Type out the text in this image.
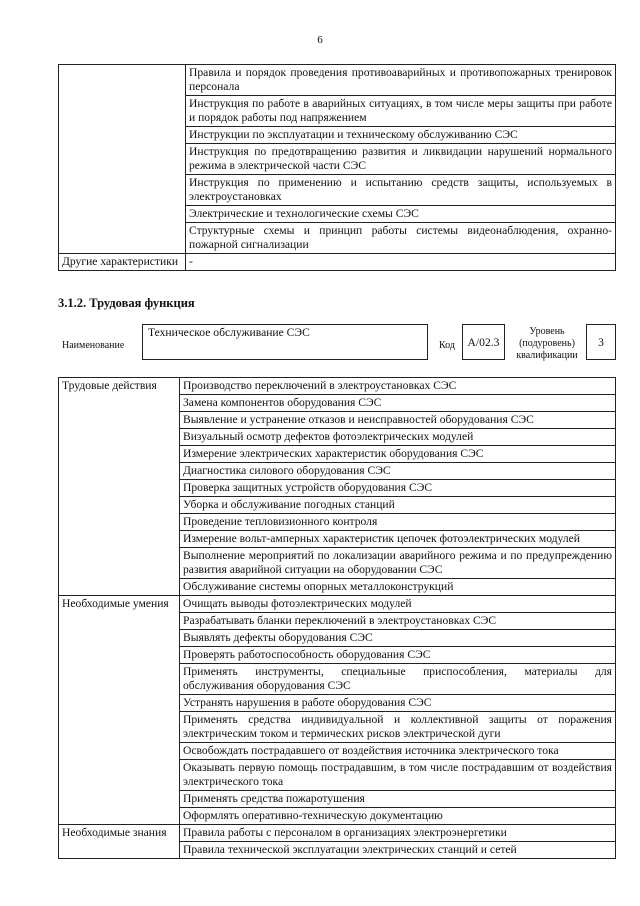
6
	Правила и порядок проведения противоаварийных и противопожарных тренировок персонала
	Инструкция по работе в аварийных ситуациях, в том числе меры защиты при работе и порядок работы под напряжением
	Инструкции по эксплуатации и техническому обслуживанию СЭС
	Инструкция по предотвращению развития и ликвидации нарушений нормального режима в электрической части СЭС
	Инструкция по применению и испытанию средств защиты, используемых в электроустановках
	Электрические и технологические схемы СЭС
	Структурные схемы и принцип работы системы видеонаблюдения, охранно-пожарной сигнализации
Другие характеристики	-
3.1.2. Трудовая функция
Наименование
Техническое обслуживание СЭС
Код А/02.3
Уровень (подуровень) квалификации
3
Трудовые действия	Производство переключений в электроустановках СЭС
	Замена компонентов оборудования СЭС
	Выявление и устранение отказов и неисправностей оборудования СЭС
	Визуальный осмотр дефектов фотоэлектрических модулей
	Измерение электрических характеристик оборудования СЭС
	Диагностика силового оборудования СЭС
	Проверка защитных устройств оборудования СЭС
	Уборка и обслуживание погодных станций
	Проведение тепловизионного контроля
	Измерение вольт-амперных характеристик цепочек фотоэлектрических модулей
	Выполнение мероприятий по локализации аварийного режима и по предупреждению развития аварийной ситуации на оборудовании СЭС
	Обслуживание системы опорных металлоконструкций
Необходимые умения	Очищать выводы фотоэлектрических модулей
	Разрабатывать бланки переключений в электроустановках СЭС
	Выявлять дефекты оборудования СЭС
	Проверять работоспособность оборудования СЭС
	Применять инструменты, специальные приспособления, материалы для обслуживания оборудования СЭС
	Устранять нарушения в работе оборудования СЭС
	Применять средства индивидуальной и коллективной защиты от поражения электрическим током и термических рисков электрической дуги
	Освобождать пострадавшего от воздействия источника электрического тока
	Оказывать первую помощь пострадавшим, в том числе пострадавшим от воздействия электрического тока
	Применять средства пожаротушения
	Оформлять оперативно-техническую документацию
Необходимые знания	Правила работы с персоналом в организациях электроэнергетики
	Правила технической эксплуатации электрических станций и сетей
